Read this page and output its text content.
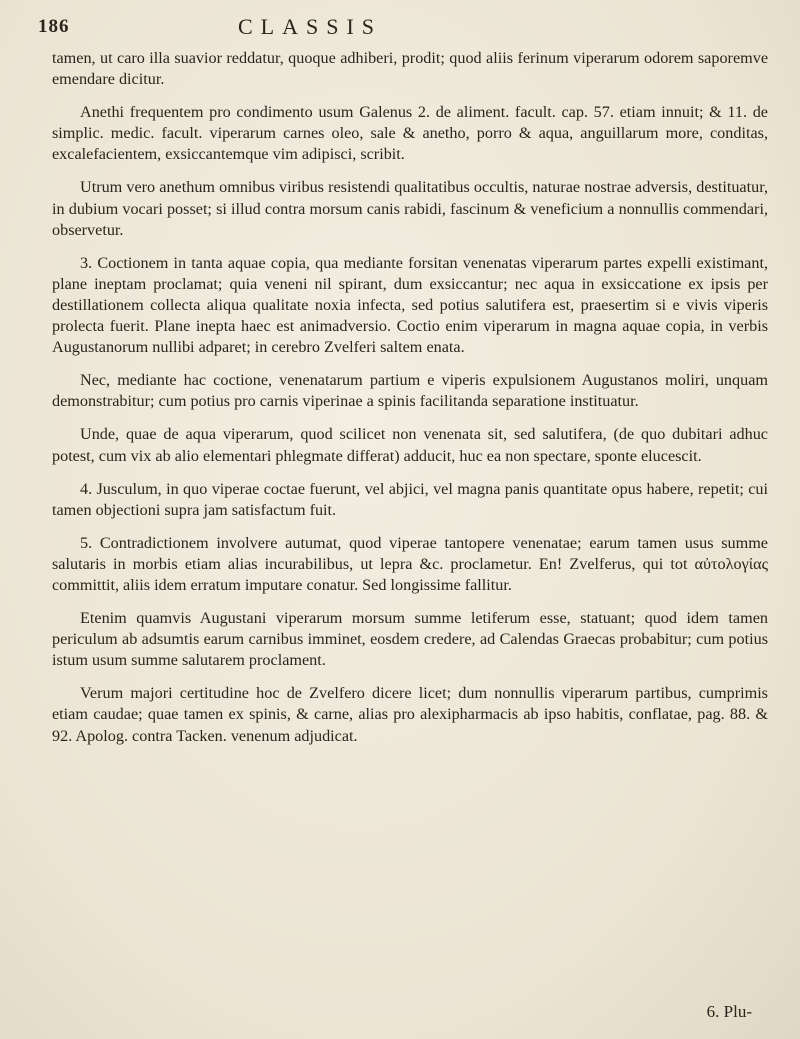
186	CLASSIS

tamen, ut caro illa suavior reddatur, quoque adhiberi, prodit; quod aliis ferinum viperarum odorem saporemve emendare dicitur.

Anethi frequentem pro condimento usum Galenus 2. de aliment. facult. cap. 57. etiam innuit; & 11. de simplic. medic. facult. viperarum carnes oleo, sale & anetho, porro & aqua, anguillarum more, conditas, excalefacientem, exsiccantemque vim adipisci, scribit.

Utrum vero anethum omnibus viribus resistendi qualitatibus occultis, naturae nostrae adversis, destituatur, in dubium vocari posset; si illud contra morsum canis rabidi, fascinum & veneficium a nonnullis commendari, observetur.

3. Coctionem in tanta aquae copia, qua mediante forsitan venenatas viperarum partes expelli existimant, plane ineptam proclamat; quia veneni nil spirant, dum exsiccantur; nec aqua in exsiccatione ex ipsis per destillationem collecta aliqua qualitate noxia infecta, sed potius salutifera est, praesertim si e vivis viperis prolecta fuerit. Plane inepta haec est animadversio. Coctio enim viperarum in magna aquae copia, in verbis Augustanorum nullibi adparet; in cerebro Zvelferi saltem enata.

Nec, mediante hac coctione, venenatarum partium e viperis expulsionem Augustanos moliri, unquam demonstrabitur; cum potius pro carnis viperinae a spinis facilitanda separatione instituatur.

Unde, quae de aqua viperarum, quod scilicet non venenata sit, sed salutifera, (de quo dubitari adhuc potest, cum vix ab alio elementari phlegmate differat) adducit, huc ea non spectare, sponte elucescit.

4. Jusculum, in quo viperae coctae fuerunt, vel abjici, vel magna panis quantitate opus habere, repetit; cui tamen objectioni supra jam satisfactum fuit.

5. Contradictionem involvere autumat, quod viperae tantopere venenatae; earum tamen usus summe salutaris in morbis etiam alias incurabilibus, ut lepra &c. proclametur. En! Zvelferus, qui tot αὐτολογίας committit, aliis idem erratum imputare conatur. Sed longissime fallitur.

Etenim quamvis Augustani viperarum morsum summe letiferum esse, statuant; quod idem tamen periculum ab adsumtis earum carnibus imminet, eosdem credere, ad Calendas Graecas probabitur; cum potius istum usum summe salutarem proclament.

Verum majori certitudine hoc de Zvelfero dicere licet; dum nonnullis viperarum partibus, cumprimis etiam caudae; quae tamen ex spinis, & carne, alias pro alexipharmacis ab ipso habitis, conflatae, pag. 88. & 92. Apolog. contra Tacken. venenum adjudicat.

6. Plu-
